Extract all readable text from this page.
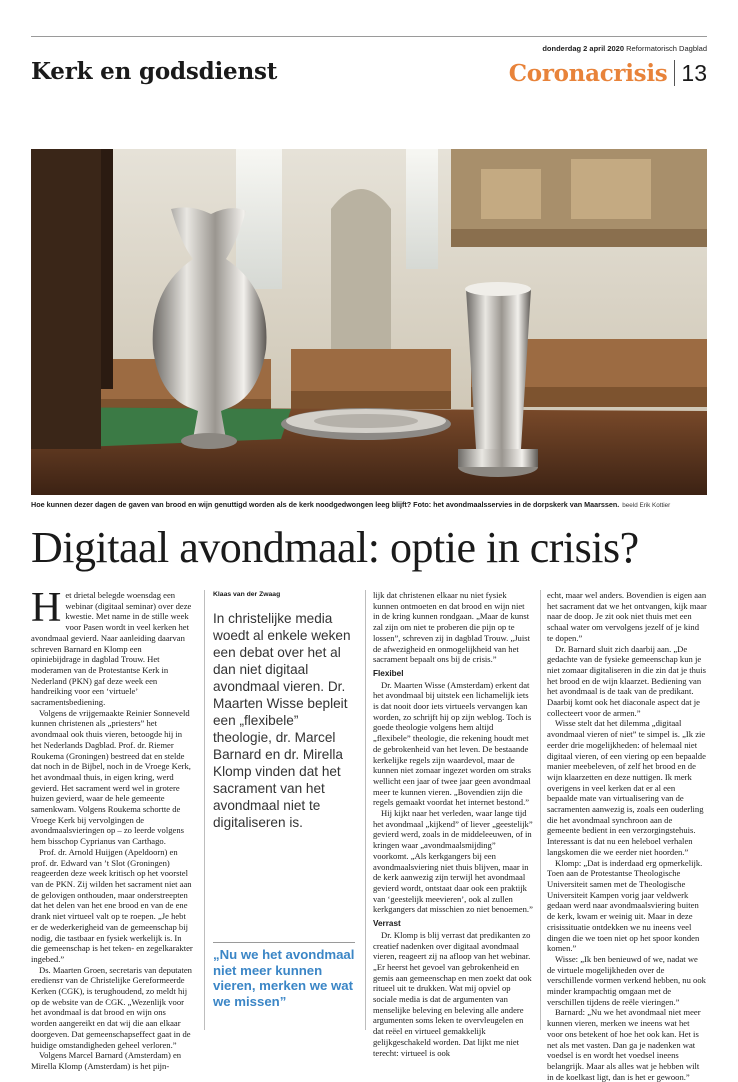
donderdag 2 april 2020 Reformatorisch Dagblad
Kerk en godsdienst	Coronacrisis 13
Hoe kunnen dezer dagen de gaven van brood en wijn genuttigd worden als de kerk noodgedwongen leeg blijft? Foto: het avondmaalsservies in de dorpskerk van Maarssen. beeld Erik Kottier
Digitaal avondmaal: optie in crisis?
H et drietal belegde woensdag een webinar (digitaal seminar) over deze kwestie. Met name in de stille week voor Pasen wordt in veel kerken het avondmaal gevierd. Naar aanleiding daarvan schreven Barnard en Klomp een opiniebijdrage in dagblad Trouw. Het moderamen van de Protestantse Kerk in Nederland (PKN) gaf deze week een handreiking voor een ‘virtuele’ sacramentsbediening.

Volgens de vrijgemaakte Reinier Sonneveld kunnen christenen als „priesters” het avondmaal ook thuis vieren, betoogde hij in het Nederlands Dagblad. Prof. dr. Riemer Roukema (Groningen) bestreed dat en stelde dat noch in de Bijbel, noch in de Vroege Kerk, het avondmaal thuis, in eigen kring, werd gevierd. Het sacrament werd wel in grotere huizen gevierd, waar de hele gemeente samenkwam. Volgens Roukema schortte de Vroege Kerk bij vervolgingen de avondmaalsvieringen op – zo leerde volgens hem bisschop Cyprianus van Carthago.

Prof. dr. Arnold Huijgen (Apeldoorn) en prof. dr. Edward van ’t Slot (Groningen) reageerden deze week kritisch op het voorstel van de PKN. Zij wilden het sacrament niet aan de gelovigen onthouden, maar onderstreepten dat het delen van het ene brood en van de ene drank niet virtueel valt op te roepen. „Je hebt er de wederkerigheid van de gemeenschap bij nodig, die tastbaar en fysiek werkelijk is. In die gemeenschap is het teken- en zegelkarakter ingebed.”

Ds. Maarten Groen, secretaris van deputaten erediensт van de Christelijke Gereformeerde Kerken (CGK), is terughoudend, zo meldt hij op de website van de CGK. „Wezenlijk voor het avondmaal is dat brood en wijn ons worden aangereikt en dat wij die aan elkaar doorgeven. Dat gemeenschapseffect gaat in de huidige omstandigheden geheel verloren.”

Volgens Marcel Barnard (Amsterdam) en Mirella Klomp (Amsterdam) is het pijn-

Klaas van der Zwaag
In christelijke media woedt al enkele weken een debat over het al dan niet digitaal avondmaal vieren. Dr. Maarten Wisse bepleit een „flexibele” theologie, dr. Marcel Barnard en dr. Mirella Klomp vinden dat het sacrament van het avondmaal niet te digitaliseren is.
„Nu we het avondmaal niet meer kunnen vieren, merken we wat we missen”

lijk dat christenen elkaar nu niet fysiek kunnen ontmoeten en dat brood en wijn niet in de kring kunnen rondgaan. „Maar de kunst zal zijn om niet te proberen die pijn op te lossen”, schreven zij in dagblad Trouw. „Juist de afwezigheid en onmogelijkheid van het sacrament bepaalt ons bij de crisis.”

Flexibel

Dr. Maarten Wisse (Amsterdam) erkent dat het avondmaal bij uitstek een lichamelijk iets is dat nooit door iets virtueels vervangen kan worden, zo schrijft hij op zijn weblog. Toch is goede theologie volgens hem altijd „flexibele” theologie, die rekening houdt met de gebrokenheid van het leven. De bestaande kerkelijke regels zijn waardevol, maar de kunnen niet zomaar ingezet worden om straks wellicht een jaar of twee jaar geen avondmaal meer te kunnen vieren. „Bovendien zijn die regels gemaakt voordat het internet bestond.”

Hij kijkt naar het verleden, waar lange tijd het avondmaal „kijkend” of liever „geestelijk” gevierd werd, zoals in de middeleeuwen, of in kringen waar „avondmaalsmijding” voorkomt. „Als kerkgangers bij een avondmaalsviering niet thuis blijven, maar in de kerk aanwezig zijn terwijl het avondmaal gevierd wordt, ontstaat daar ook een praktijk van ‘geestelijk meevieren’, ook al zullen kerkgangers dat misschien zo niet benoemen.”

Verrast

Dr. Klomp is blij verrast dat predikanten zo creatief nadenken over digitaal avondmaal vieren, reageert zij na afloop van het webinar. „Er heerst het gevoel van gebrokenheid en gemis aan gemeenschap en men zoekt dat ook ritueel uit te drukken. Wat mij opviel op sociale media is dat de argumenten van menselijke beleving en beleving alle andere argumenten soms leken te overvleugelen en dat reëel en virtueel gemakkelijk gelijkgeschakeld worden. Dat lijkt me niet terecht: virtueel is ook

echt, maar wel anders. Bovendien is eigen aan het sacrament dat we het ontvangen, kijk maar naar de doop. Je zit ook niet thuis met een schaal water om vervolgens jezelf of je kind te dopen.”

Dr. Barnard sluit zich daarbij aan. „De gedachte van de fysieke gemeenschap kun je niet zomaar digitaliseren in die zin dat je thuis het brood en de wijn klaarzet. Bediening van het avondmaal is de taak van de predikant. Daarbij komt ook het diaconale aspect dat je collecteert voor de armen.”

Wisse stelt dat het dilemma „digitaal avondmaal vieren of niet” te simpel is. „Ik zie eerder drie mogelijkheden: of helemaal niet digitaal vieren, of een viering op een bepaalde manier meebeleven, of zelf het brood en de wijn klaarzetten en deze nuttigen. Ik merk overigens in veel kerken dat er al een bepaalde mate van virtualisering van de sacramenten aanwezig is, zoals een ouderling die het avondmaal synchroon aan de gemeente bedient in een verzorgingstehuis. Interessant is dat nu een heleboel verhalen langskomen die we eerder niet hoorden.”

Klomp: „Dat is inderdaad erg opmerkelijk. Toen aan de Protestantse Theologische Universiteit samen met de Theologische Universiteit Kampen vorig jaar veldwerk gedaan werd naar avondmaalsviering buiten de kerk, kwam er weinig uit. Maar in deze crisissituatie ontdekken we nu ineens veel dingen die we toen niet op het spoor konden komen.”

Wisse: „Ik ben benieuwd of we, nadat we de virtuele mogelijkheden over de verschillende vormen verkend hebben, nu ook minder krampachtig omgaan met de verschillen tijdens de reële vieringen.”

Barnard: „Nu we het avondmaal niet meer kunnen vieren, merken we ineens wat het voor ons betekent of hoe het ook kan. Het is net als met vasten. Dan ga je nadenken wat voedsel is en wordt het voedsel ineens belangrijk. Maar als alles wat je hebben wilt in de koelkast ligt, dan is het er gewoon.”
